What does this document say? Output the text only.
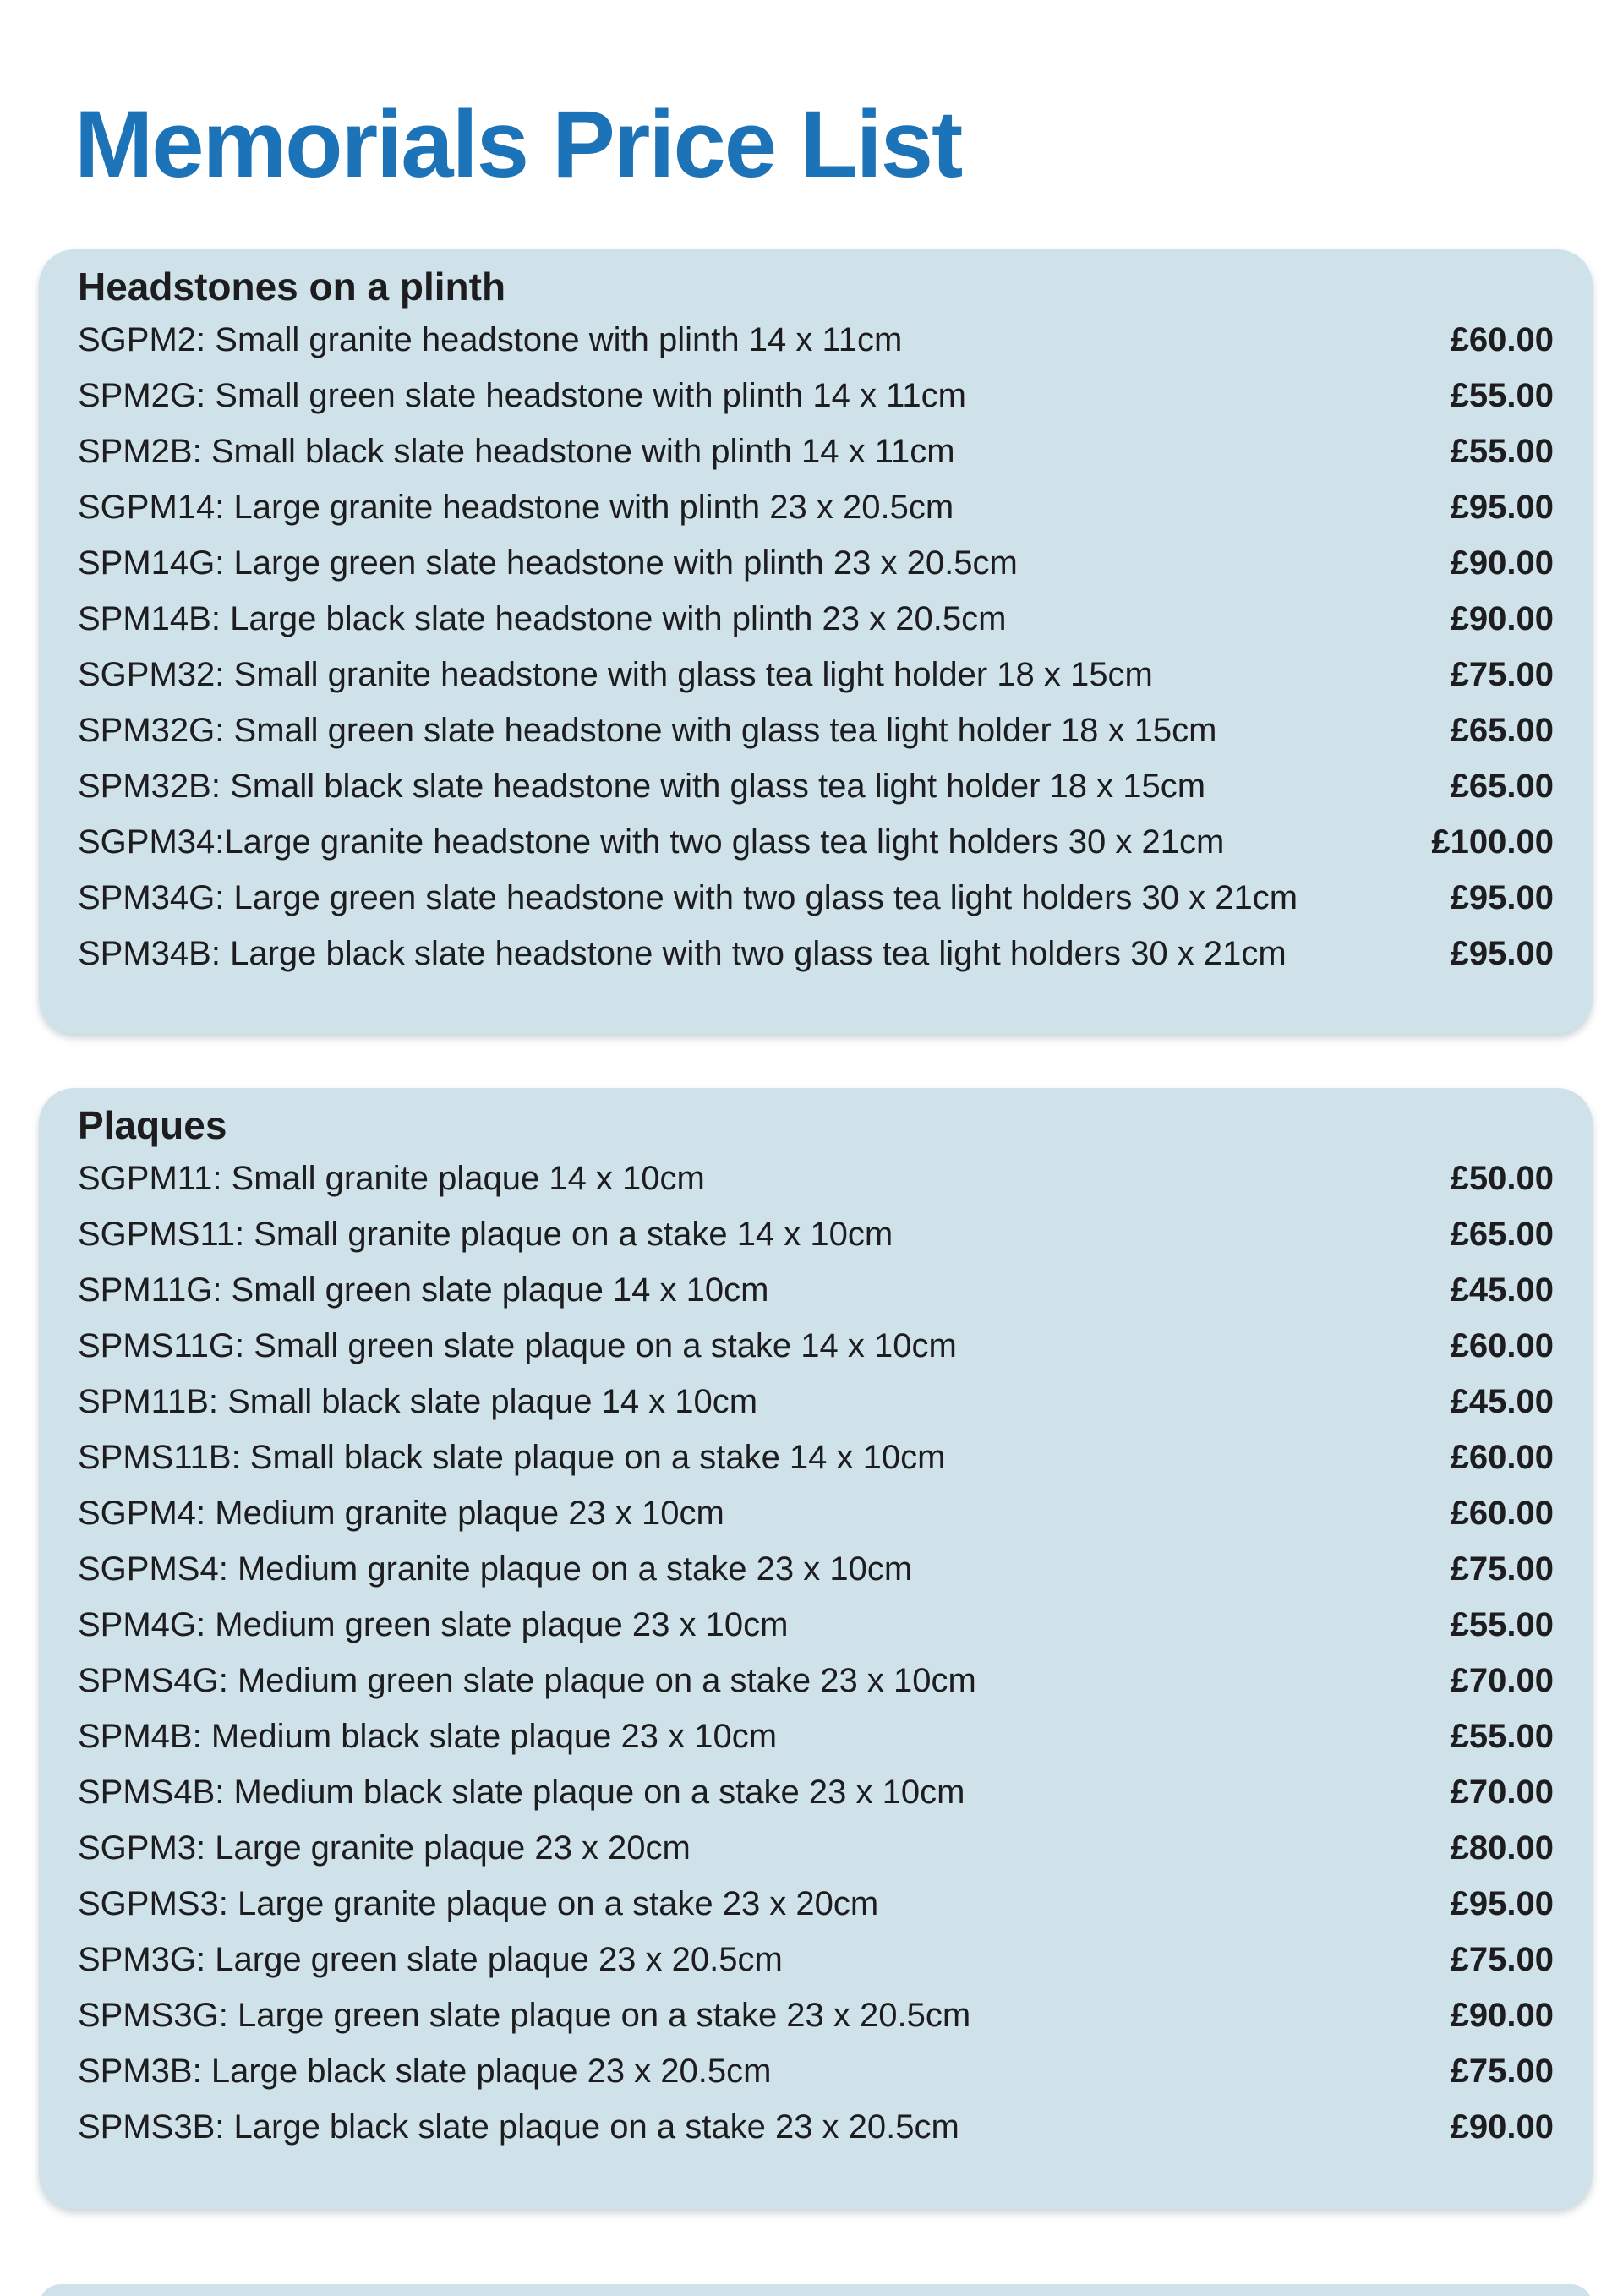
Memorials Price List
Headstones on a plinth
SGPM2: Small granite headstone with plinth 14 x 11cm	£60.00
SPM2G: Small green slate headstone with plinth 14 x 11cm	£55.00
SPM2B: Small black slate headstone with plinth 14 x 11cm	£55.00
SGPM14: Large granite headstone with plinth 23 x 20.5cm	£95.00
SPM14G: Large green slate headstone with plinth 23 x 20.5cm	£90.00
SPM14B: Large black slate headstone with plinth 23 x 20.5cm	£90.00
SGPM32: Small granite headstone with glass tea light holder 18 x 15cm	£75.00
SPM32G: Small green slate headstone with glass tea light holder 18 x 15cm	£65.00
SPM32B: Small black slate headstone with glass tea light holder 18 x 15cm	£65.00
SGPM34:Large granite headstone with two glass tea light holders 30 x 21cm	£100.00
SPM34G: Large green slate headstone with two glass tea light holders 30 x 21cm	£95.00
SPM34B: Large black slate headstone with two glass tea light holders 30 x 21cm	£95.00
Plaques
SGPM11: Small granite plaque 14 x 10cm	£50.00
SGPMS11: Small granite plaque on a stake 14 x 10cm	£65.00
SPM11G: Small green slate plaque 14 x 10cm	£45.00
SPMS11G: Small green slate plaque on a stake 14 x 10cm	£60.00
SPM11B: Small black slate plaque 14 x 10cm	£45.00
SPMS11B: Small black slate plaque on a stake 14 x 10cm	£60.00
SGPM4: Medium granite plaque 23 x 10cm	£60.00
SGPMS4: Medium granite plaque on a stake 23 x 10cm	£75.00
SPM4G: Medium green slate plaque 23 x 10cm	£55.00
SPMS4G: Medium green slate plaque on a stake 23 x 10cm	£70.00
SPM4B: Medium black slate plaque 23 x 10cm	£55.00
SPMS4B: Medium black slate plaque on a stake 23 x 10cm	£70.00
SGPM3: Large granite plaque 23 x 20cm	£80.00
SGPMS3: Large granite plaque on a stake 23 x 20cm	£95.00
SPM3G: Large green slate plaque 23 x 20.5cm	£75.00
SPMS3G: Large green slate plaque on a stake 23 x 20.5cm	£90.00
SPM3B: Large black slate plaque 23 x 20.5cm	£75.00
SPMS3B: Large black slate plaque on a stake 23 x 20.5cm	£90.00
